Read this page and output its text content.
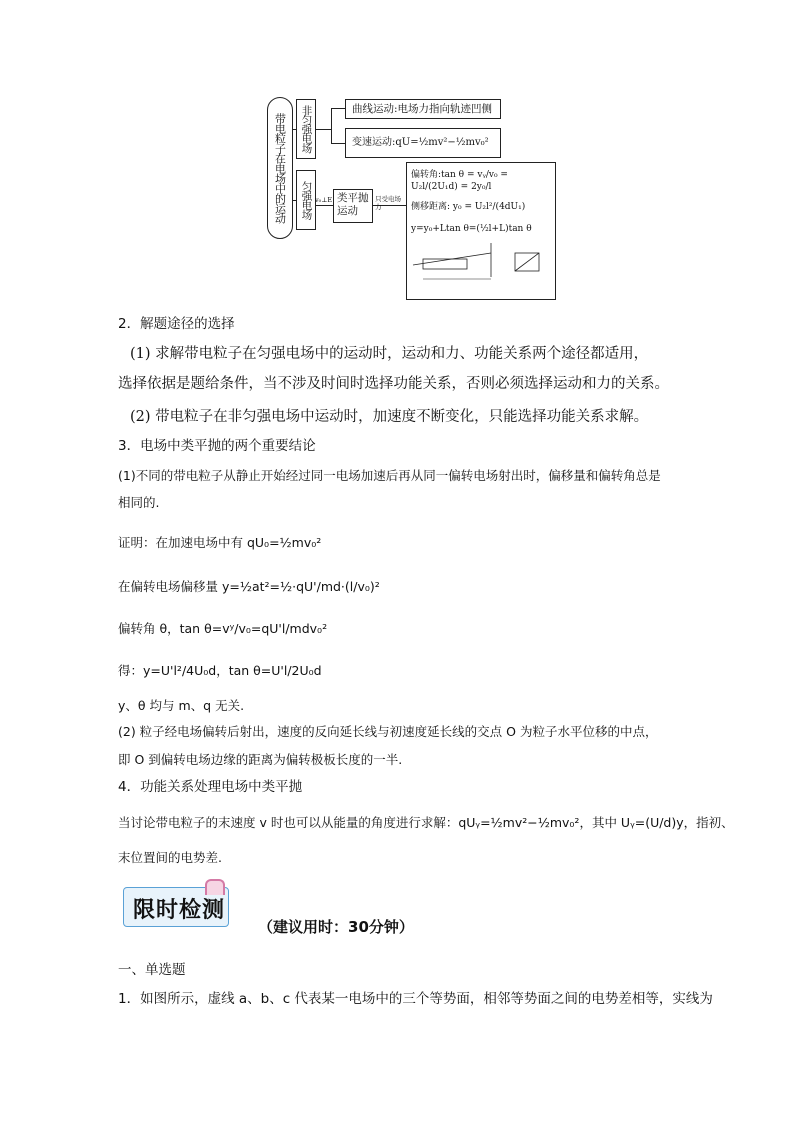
带电粒子在电场中的运动	非匀强电场
匀强电场
曲线运动:电场力指向轨迹凹侧
变速运动:qU=½mv²−½mv₀²
v₀⊥E 类平抛运动
只受电场力
偏转角:tan θ = vᵧ/v₀ = U₂l/(2U₁d) = 2y₀/l
侧移距离: y₀ = U₂l²/(4dU₁)
y=y₀+Ltan θ=(½l+L)tan θ
2．解题途径的选择
(1) 求解带电粒子在匀强电场中的运动时，运动和力、功能关系两个途径都适用，
选择依据是题给条件，当不涉及时间时选择功能关系，否则必须选择运动和力的关系。
(2) 带电粒子在非匀强电场中运动时，加速度不断变化，只能选择功能关系求解。
3．电场中类平抛的两个重要结论
(1)不同的带电粒子从静止开始经过同一电场加速后再从同一偏转电场射出时，偏移量和偏转角总是
相同的.
证明：在加速电场中有 qU₀=½mv₀²
在偏转电场偏移量 y=½at²=½·qU'/md·(l/v₀)²
偏转角 θ，tan θ=vʸ/v₀=qU'l/mdv₀²
得：y=U'l²/4U₀d，tan θ=U'l/2U₀d
y、θ 均与 m、q 无关.
(2) 粒子经电场偏转后射出，速度的反向延长线与初速度延长线的交点 O 为粒子水平位移的中点，
即 O 到偏转电场边缘的距离为偏转极板长度的一半.
4．功能关系处理电场中类平抛
当讨论带电粒子的末速度 v 时也可以从能量的角度进行求解：qUᵧ=½mv²−½mv₀²，其中 Uᵧ=(U/d)y，指初、
末位置间的电势差.
限时检测
（建议用时：30分钟）
一、单选题
1．如图所示，虚线 a、b、c 代表某一电场中的三个等势面，相邻等势面之间的电势差相等，实线为
